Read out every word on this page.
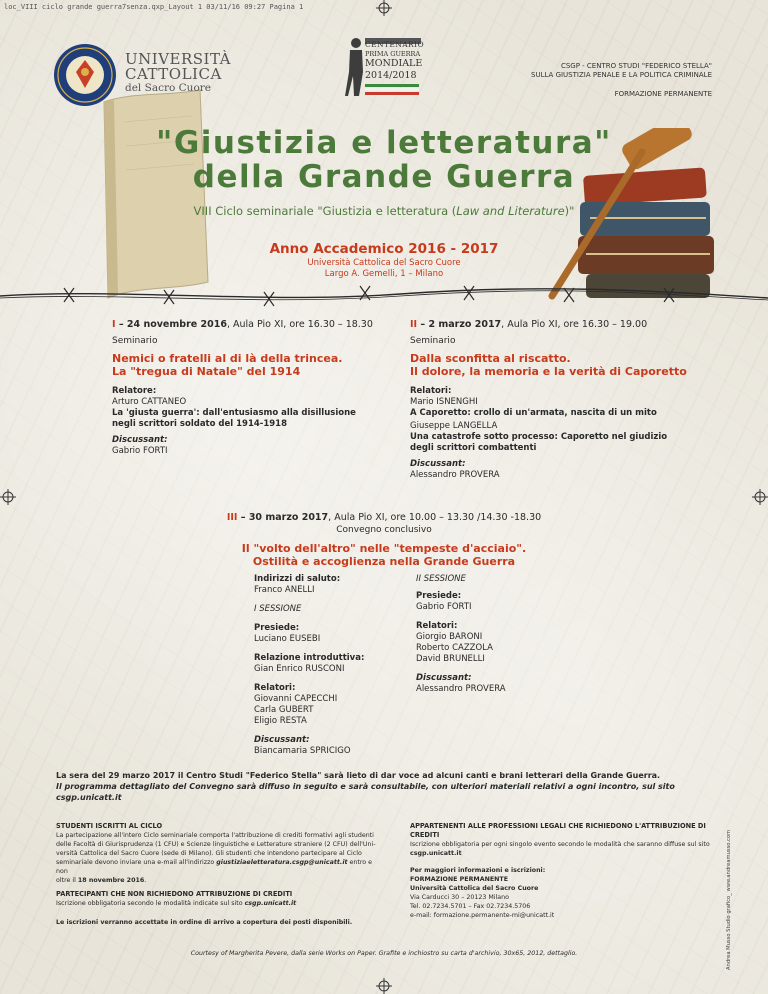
loc_VIII ciclo grande guerra7senza.qxp_Layout 1 03/11/16 09:27 Pagina 1
UNIVERSITÀ
CATTOLICA
del Sacro Cuore
CENTENARIO
PRIMA GUERRA
MONDIALE
2014/2018
CSGP - CENTRO STUDI "FEDERICO STELLA"
SULLA GIUSTIZIA PENALE E LA POLITICA CRIMINALE
FORMAZIONE PERMANENTE
"Giustizia e letteratura"
della Grande Guerra
VIII Ciclo seminariale "Giustizia e letteratura (Law and Literature)"
Anno Accademico 2016 - 2017
Università Cattolica del Sacro Cuore
Largo A. Gemelli, 1 – Milano
I – 24 novembre 2016, Aula Pio XI, ore 16.30 – 18.30
Seminario
Nemici o fratelli al di là della trincea.
La "tregua di Natale" del 1914
Relatore:
Arturo CATTANEO
La 'giusta guerra': dall'entusiasmo alla disillusione
negli scrittori soldato del 1914-1918
Discussant:
Gabrio FORTI
II – 2 marzo 2017, Aula Pio XI, ore 16.30 – 19.00
Seminario
Dalla sconfitta al riscatto.
Il dolore, la memoria e la verità di Caporetto
Relatori:
Mario ISNENGHI
A Caporetto: crollo di un'armata, nascita di un mito
Giuseppe LANGELLA
Una catastrofe sotto processo: Caporetto nel giudizio
degli scrittori combattenti
Discussant:
Alessandro PROVERA
III – 30 marzo 2017, Aula Pio XI, ore 10.00 – 13.30 /14.30 -18.30
Convegno conclusivo
Il "volto dell'altro" nelle "tempeste d'acciaio".
Ostilità e accoglienza nella Grande Guerra
Indirizzi di saluto:
Franco ANELLI
I SESSIONE
Presiede:
Luciano EUSEBI
Relazione introduttiva:
Gian Enrico RUSCONI
Relatori:
Giovanni CAPECCHI
Carla GUBERT
Eligio RESTA
Discussant:
Biancamaria SPRICIGO
II SESSIONE
Presiede:
Gabrio FORTI
Relatori:
Giorgio BARONI
Roberto CAZZOLA
David BRUNELLI
Discussant:
Alessandro PROVERA
La sera del 29 marzo 2017 il Centro Studi "Federico Stella" sarà lieto di dar voce ad alcuni canti e brani letterari della Grande Guerra.
Il programma dettagliato del Convegno sarà diffuso in seguito e sarà consultabile, con ulteriori materiali relativi a ogni incontro, sul sito csgp.unicatt.it
STUDENTI ISCRITTI AL CICLO
La partecipazione all'intero Ciclo seminariale comporta l'attribuzione di crediti formativi agli studenti
delle Facoltà di Giurisprudenza (1 CFU) e Scienze linguistiche e Letterature straniere (2 CFU) dell'Uni-
versità Cattolica del Sacro Cuore (sede di Milano). Gli studenti che intendono partecipare al Ciclo
seminariale devono inviare una e-mail all'indirizzo giustiziaeletteratura.csgp@unicatt.it entro e non
oltre il 18 novembre 2016.
PARTECIPANTI CHE NON RICHIEDONO ATTRIBUZIONE DI CREDITI
Iscrizione obbligatoria secondo le modalità indicate sul sito csgp.unicatt.it
Le iscrizioni verranno accettate in ordine di arrivo a copertura dei posti disponibili.
APPARTENENTI ALLE PROFESSIONI LEGALI CHE RICHIEDONO L'ATTRIBUZIONE DI CREDITI
Iscrizione obbligatoria per ogni singolo evento secondo le modalità che saranno diffuse sul sito
csgp.unicatt.it
Per maggiori informazioni e iscrizioni:
FORMAZIONE PERMANENTE
Università Cattolica del Sacro Cuore
Via Carducci 30 – 20123 Milano
Tel. 02.7234.5701 – Fax 02.7234.5706
e-mail: formazione.permanente-mi@unicatt.it
Courtesy of Margherita Pevere, dalla serie Works on Paper. Grafite e inchiostro su carta d'archivio, 30x65, 2012, dettaglio.	Andrea Musso Studio grafico_ www.andreamusso.com
